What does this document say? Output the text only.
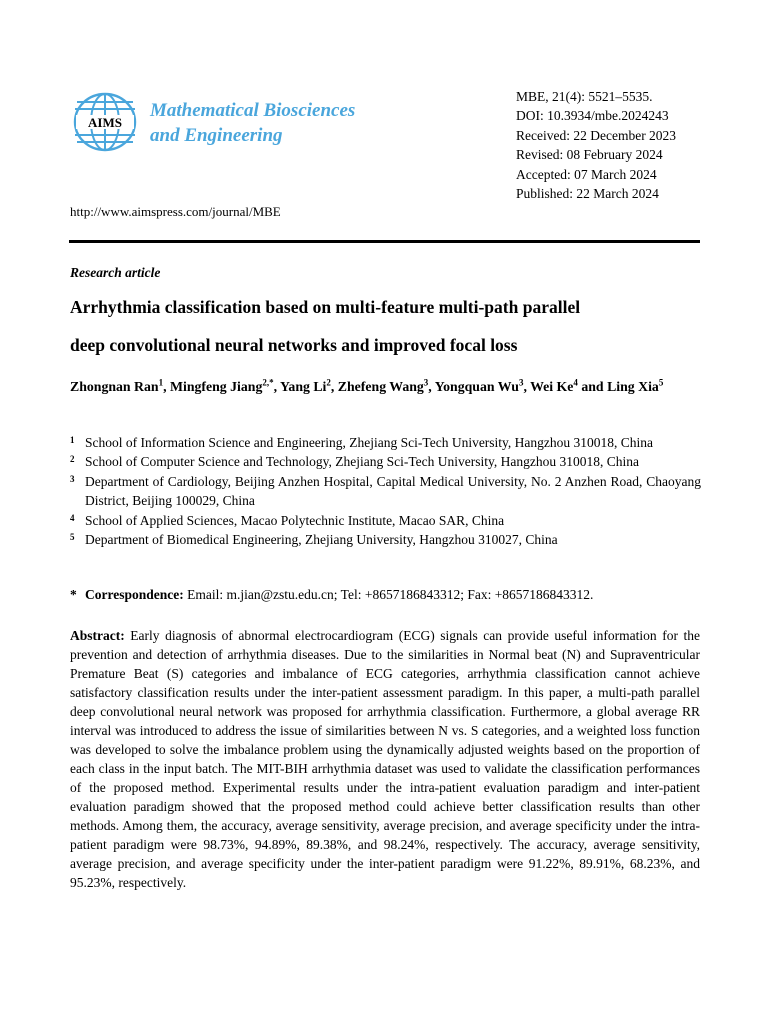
AIMS
Mathematical Biosciences
and Engineering
MBE, 21(4): 5521–5535.
DOI: 10.3934/mbe.2024243
Received: 22 December 2023
Revised: 08 February 2024
Accepted: 07 March 2024
Published: 22 March 2024
http://www.aimspress.com/journal/MBE
Research article
Arrhythmia classification based on multi-feature multi-path parallel
deep convolutional neural networks and improved focal loss
Zhongnan Ran$^1$, Mingfeng Jiang$^{2,*}$, Yang Li$^2$, Zhefeng Wang$^3$, Yongquan Wu$^3$, Wei Ke$^4$ and Ling Xia$^5$
1 School of Information Science and Engineering, Zhejiang Sci-Tech University, Hangzhou 310018, China
2 School of Computer Science and Technology, Zhejiang Sci-Tech University, Hangzhou 310018, China
3 Department of Cardiology, Beijing Anzhen Hospital, Capital Medical University, No. 2 Anzhen Road, Chaoyang District, Beijing 100029, China
4 School of Applied Sciences, Macao Polytechnic Institute, Macao SAR, China
5 Department of Biomedical Engineering, Zhejiang University, Hangzhou 310027, China
* Correspondence: Email: m.jian@zstu.edu.cn; Tel: +8657186843312; Fax: +8657186843312.
Abstract: Early diagnosis of abnormal electrocardiogram (ECG) signals can provide useful information for the prevention and detection of arrhythmia diseases. Due to the similarities in Normal beat (N) and Supraventricular Premature Beat (S) categories and imbalance of ECG categories, arrhythmia classification cannot achieve satisfactory classification results under the inter-patient assessment paradigm. In this paper, a multi-path parallel deep convolutional neural network was proposed for arrhythmia classification. Furthermore, a global average RR interval was introduced to address the issue of similarities between N vs. S categories, and a weighted loss function was developed to solve the imbalance problem using the dynamically adjusted weights based on the proportion of each class in the input batch. The MIT-BIH arrhythmia dataset was used to validate the classification performances of the proposed method. Experimental results under the intra-patient evaluation paradigm and inter-patient evaluation paradigm showed that the proposed method could achieve better classification results than other methods. Among them, the accuracy, average sensitivity, average precision, and average specificity under the intra-patient paradigm were 98.73%, 94.89%, 89.38%, and 98.24%, respectively. The accuracy, average sensitivity, average precision, and average specificity under the inter-patient paradigm were 91.22%, 89.91%, 68.23%, and 95.23%, respectively.
